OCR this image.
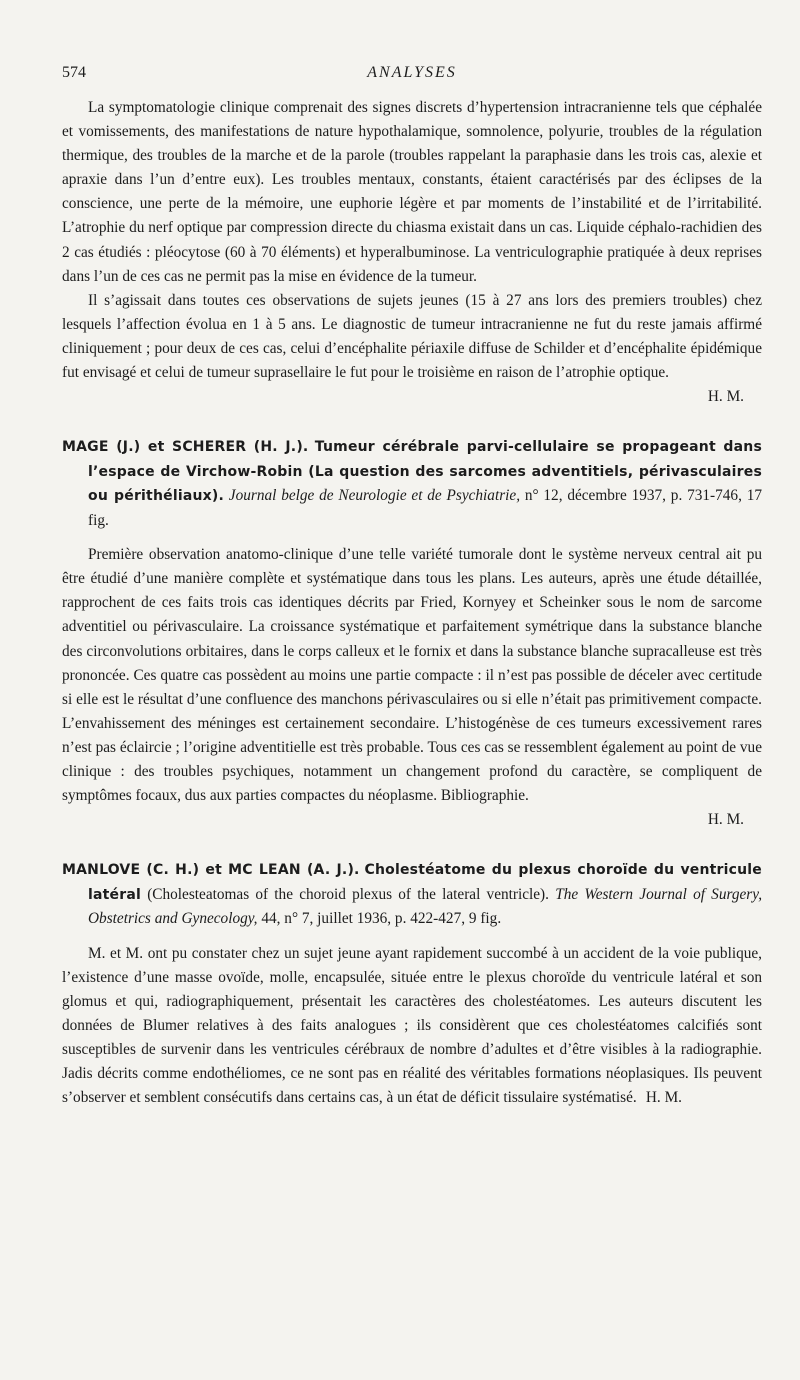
574	ANALYSES

La symptomatologie clinique comprenait des signes discrets d’hypertension intracranienne tels que céphalée et vomissements, des manifestations de nature hypothalamique, somnolence, polyurie, troubles de la régulation thermique, des troubles de la marche et de la parole (troubles rappelant la paraphasie dans les trois cas, alexie et apraxie dans l’un d’entre eux). Les troubles mentaux, constants, étaient caractérisés par des éclipses de la conscience, une perte de la mémoire, une euphorie légère et par moments de l’instabilité et de l’irritabilité. L’atrophie du nerf optique par compression directe du chiasma existait dans un cas. Liquide céphalo-rachidien des 2 cas étudiés : pléocytose (60 à 70 éléments) et hyperalbuminose. La ventriculographie pratiquée à deux reprises dans l’un de ces cas ne permit pas la mise en évidence de la tumeur.

Il s’agissait dans toutes ces observations de sujets jeunes (15 à 27 ans lors des premiers troubles) chez lesquels l’affection évolua en 1 à 5 ans. Le diagnostic de tumeur intracranienne ne fut du reste jamais affirmé cliniquement ; pour deux de ces cas, celui d’encéphalite périaxile diffuse de Schilder et d’encéphalite épidémique fut envisagé et celui de tumeur suprasellaire le fut pour le troisième en raison de l’atrophie optique.

H. M.
MAGE (J.) et SCHERER (H. J.). Tumeur cérébrale parvi-cellulaire se propageant dans l’espace de Virchow-Robin (La question des sarcomes adventitiels, périvasculaires ou périthéliaux). Journal belge de Neurologie et de Psychiatrie, n° 12, décembre 1937, p. 731-746, 17 fig.

Première observation anatomo-clinique d’une telle variété tumorale dont le système nerveux central ait pu être étudié d’une manière complète et systématique dans tous les plans. Les auteurs, après une étude détaillée, rapprochent de ces faits trois cas identiques décrits par Fried, Kornyey et Scheinker sous le nom de sarcome adventitiel ou périvasculaire. La croissance systématique et parfaitement symétrique dans la substance blanche des circonvolutions orbitaires, dans le corps calleux et le fornix et dans la substance blanche supracalleuse est très prononcée. Ces quatre cas possèdent au moins une partie compacte : il n’est pas possible de déceler avec certitude si elle est le résultat d’une confluence des manchons périvasculaires ou si elle n’était pas primitivement compacte. L’envahissement des méninges est certainement secondaire. L’histogénèse de ces tumeurs excessivement rares n’est pas éclaircie ; l’origine adventitielle est très probable. Tous ces cas se ressemblent également au point de vue clinique : des troubles psychiques, notamment un changement profond du caractère, se compliquent de symptômes focaux, dus aux parties compactes du néoplasme. Bibliographie.

H. M.
MANLOVE (C. H.) et MC LEAN (A. J.). Cholestéatome du plexus choroïde du ventricule latéral (Cholesteatomas of the choroid plexus of the lateral ventricle). The Western Journal of Surgery, Obstetrics and Gynecology, 44, n° 7, juillet 1936, p. 422-427, 9 fig.

M. et M. ont pu constater chez un sujet jeune ayant rapidement succombé à un accident de la voie publique, l’existence d’une masse ovoïde, molle, encapsulée, située entre le plexus choroïde du ventricule latéral et son glomus et qui, radiographiquement, présentait les caractères des cholestéatomes. Les auteurs discutent les données de Blumer relatives à des faits analogues ; ils considèrent que ces cholestéatomes calcifiés sont susceptibles de survenir dans les ventricules cérébraux de nombre d’adultes et d’être visibles à la radiographie. Jadis décrits comme endothéliomes, ce ne sont pas en réalité des véritables formations néoplasiques. Ils peuvent s’observer et semblent consécutifs dans certains cas, à un état de déficit tissulaire systématisé. H. M.
